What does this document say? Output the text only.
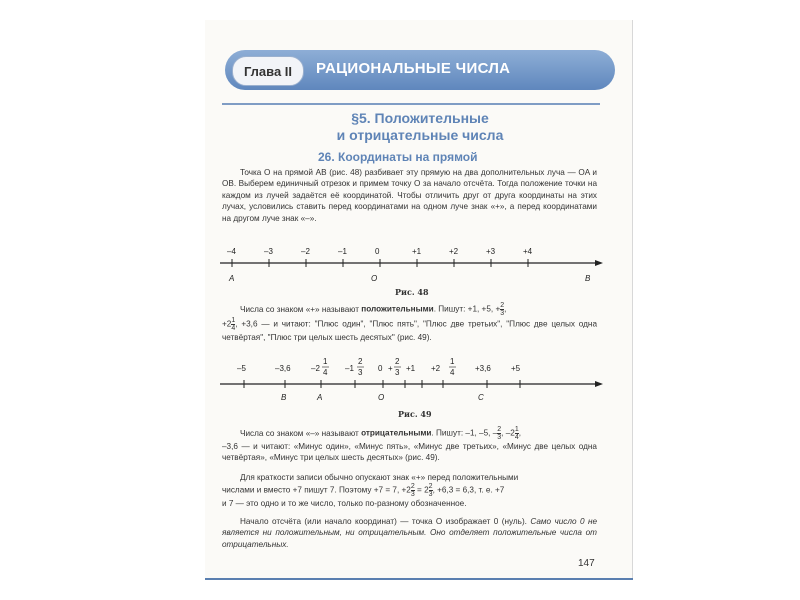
Глава II	РАЦИОНАЛЬНЫЕ ЧИСЛА
§5. Положительные
и отрицательные числа
26. Координаты на прямой
Точка O на прямой AB (рис. 48) разбивает эту прямую на два дополнительных луча — OA и OB. Выберем единичный отрезок и примем точку O за начало отсчёта. Тогда положение точки на каждом из лучей задаётся её координатой. Чтобы отличить друг от друга координаты на этих лучах, условились ставить перед координатами на одном луче знак «+», а перед координатами на другом луче знак «–».
–4	–3	–2	–1	0	+1	+2	+3	+4
A	O	B
Рис. 48
Числа со знаком «+» называют положительными. Пишут: +1, +5, + $\frac{2}{3}$ ,
$+2 \frac{1}{4}$ , +3,6 — и читают: "Плюс один", "Плюс пять", "Плюс две третьих", "Плюс две целых одна четвёртая", "Плюс три целых шесть десятых" (рис. 49).
–5	–3,6	–2
1
4 –1
2
3 0 +
2
3 +1 +2
1
4	+3,6	+5
B	A	O	C
Рис. 49
Числа со знаком «–» называют отрицательными. Пишут: –1, –5, – $\frac{2}{3}$ , $-2 \frac{1}{4}$ ,
–3,6 — и читают: «Минус один», «Минус пять», «Минус две третьих», «Минус две целых одна четвёртая», «Минус три целых шесть десятых» (рис. 49).
Для краткости записи обычно опускают знак «+» перед положительными
числами и вместо +7 пишут 7. Поэтому +7 = 7, $+2 \frac{2}{3} = 2 \frac{2}{3}$ , +6,3 = 6,3, т. е. +7
и 7 — это одно и то же число, только по-разному обозначенное.
Начало отсчёта (или начало координат) — точка O изображает 0 (нуль). Само число 0 не является ни положительным, ни отрицательным. Оно отделяет положительные числа от отрицательных.
147
